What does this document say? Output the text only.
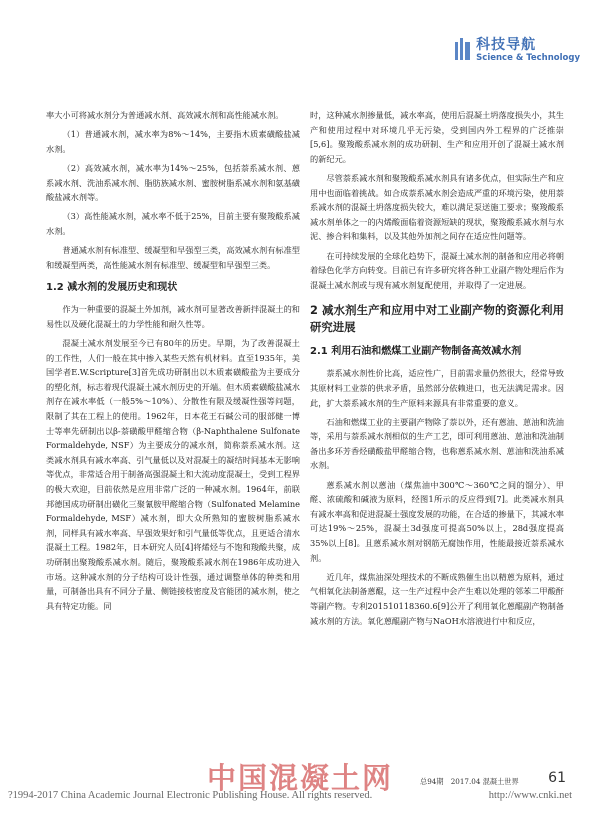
科技导航
Science & Technology

率大小可将减水剂分为普通减水剂、高效减水剂和高性能减水剂。

（1）普通减水剂，减水率为8%～14%，主要指木质素磺酸盐减水剂。

（2）高效减水剂，减水率为14%～25%，包括萘系减水剂、蒽系减水剂、洗油系减水剂、脂肪族减水剂、蜜胺树脂系减水剂和氨基磺酸盐减水剂等。

（3）高性能减水剂，减水率不低于25%，目前主要有聚羧酸系减水剂。

普通减水剂有标准型、缓凝型和早强型三类，高效减水剂有标准型和缓凝型两类，高性能减水剂有标准型、缓凝型和早强型三类。

1.2 减水剂的发展历史和现状

作为一种重要的混凝土外加剂，减水剂可显著改善新拌混凝土的和易性以及硬化混凝土的力学性能和耐久性等。

混凝土减水剂发展至今已有80年的历史。早期，为了改善混凝土的工作性，人们一般在其中掺入某些天然有机材料。直至1935年，美国学者E.W.Scripture[3]首先成功研制出以木质素磺酸盐为主要成分的塑化剂，标志着现代混凝土减水剂历史的开端。但木质素磺酸盐减水剂存在减水率低（一般5%～10%）、分散性有限及缓凝性强等问题，限制了其在工程上的使用。1962年，日本花王石碱公司的服部健一博士等率先研制出以β-萘磺酸甲醛缩合物（β-Naphthalene Sulfonate Formaldehyde, NSF）为主要成分的减水剂，简称萘系减水剂。这类减水剂具有减水率高、引气量低以及对混凝土的凝结时间基本无影响等优点，非常适合用于制备高强混凝土和大流动度混凝土，受到工程界的极大欢迎，目前依然是应用非常广泛的一种减水剂。1964年，前联邦德国成功研制出磺化三聚氰胺甲醛缩合物（Sulfonated Melamine Formaldehyde, MSF）减水剂，即大众所熟知的蜜胺树脂系减水剂，同样具有减水率高、早强效果好和引气量低等优点，且更适合清水混凝土工程。1982年，日本研究人员[4]将烯烃与不饱和羧酸共聚，成功研制出聚羧酸系减水剂。随后，聚羧酸系减水剂在1986年成功进入市场。这种减水剂的分子结构可设计性强，通过调整单体的种类和用量，可制备出具有不同分子量、侧链接枝密度及官能团的减水剂，使之具有特定功能。同

时，这种减水剂掺量低，减水率高，使用后混凝土坍落度损失小，其生产和使用过程中对环境几乎无污染，受到国内外工程界的广泛推崇[5,6]。聚羧酸系减水剂的成功研制、生产和应用开创了混凝土减水剂的新纪元。

尽管萘系减水剂和聚羧酸系减水剂具有诸多优点，但实际生产和应用中也面临着挑战。如合成萘系减水剂会造成严重的环境污染，使用萘系减水剂的混凝土坍落度损失较大，难以满足泵送施工要求；聚羧酸系减水剂单体之一的内烯酸面临着资源短缺的现状，聚羧酸系减水剂与水泥、掺合料和集料，以及其他外加剂之间存在适应性问题等。

在可持续发展的全球化趋势下，混凝土减水剂的制备和应用必将朝着绿色化学方向转变。目前已有许多研究将各种工业副产物处理后作为混凝土减水剂或与现有减水剂复配使用，并取得了一定进展。

2 减水剂生产和应用中对工业副产物的资源化利用研究进展
2.1 利用石油和燃煤工业副产物制备高效减水剂

萘系减水剂性价比高，适应性广，目前需求量仍然很大，经常导致其原材料工业萘的供求矛盾，虽然部分依赖进口，也无法满足需求。因此，扩大萘系减水剂的生产原料来源具有非常重要的意义。

石油和燃煤工业的主要副产物除了萘以外，还有蒽油、葸油和洗油等，采用与萘系减水剂相似的生产工艺，即可利用蒽油、葸油和洗油制备出多环芳香烃磺酸盐甲醛缩合物，也称蒽系减水剂、葸油和洗油系减水剂。

蒽系减水剂以蒽油（煤焦油中300℃～360℃之间的馏分）、甲醛、浓硫酸和碱液为原料，经图1所示的反应得到[7]。此类减水剂具有减水率高和促进混凝土强度发展的功能，在合适的掺量下，其减水率可达19%～25%，混凝土3d强度可提高50%以上，28d强度提高35%以上[8]。且蒽系减水剂对钢筋无腐蚀作用，性能最接近萘系减水剂。

近几年，煤焦油深处理技术的不断成熟催生出以精蒽为原料，通过气相氧化法制备蒽醌，这一生产过程中会产生难以处理的邻苯二甲酸酐等副产物。专利201510118360.6[9]公开了利用氧化蒽醌副产物制备减水剂的方法。氧化蒽醌副产物与NaOH水溶液进行中和反应，

中国混凝土网	总94期　2017.04 混凝土世界 61
?1994-2017 China Academic Journal Electronic Publishing House. All rights reserved.	http://www.cnki.net
